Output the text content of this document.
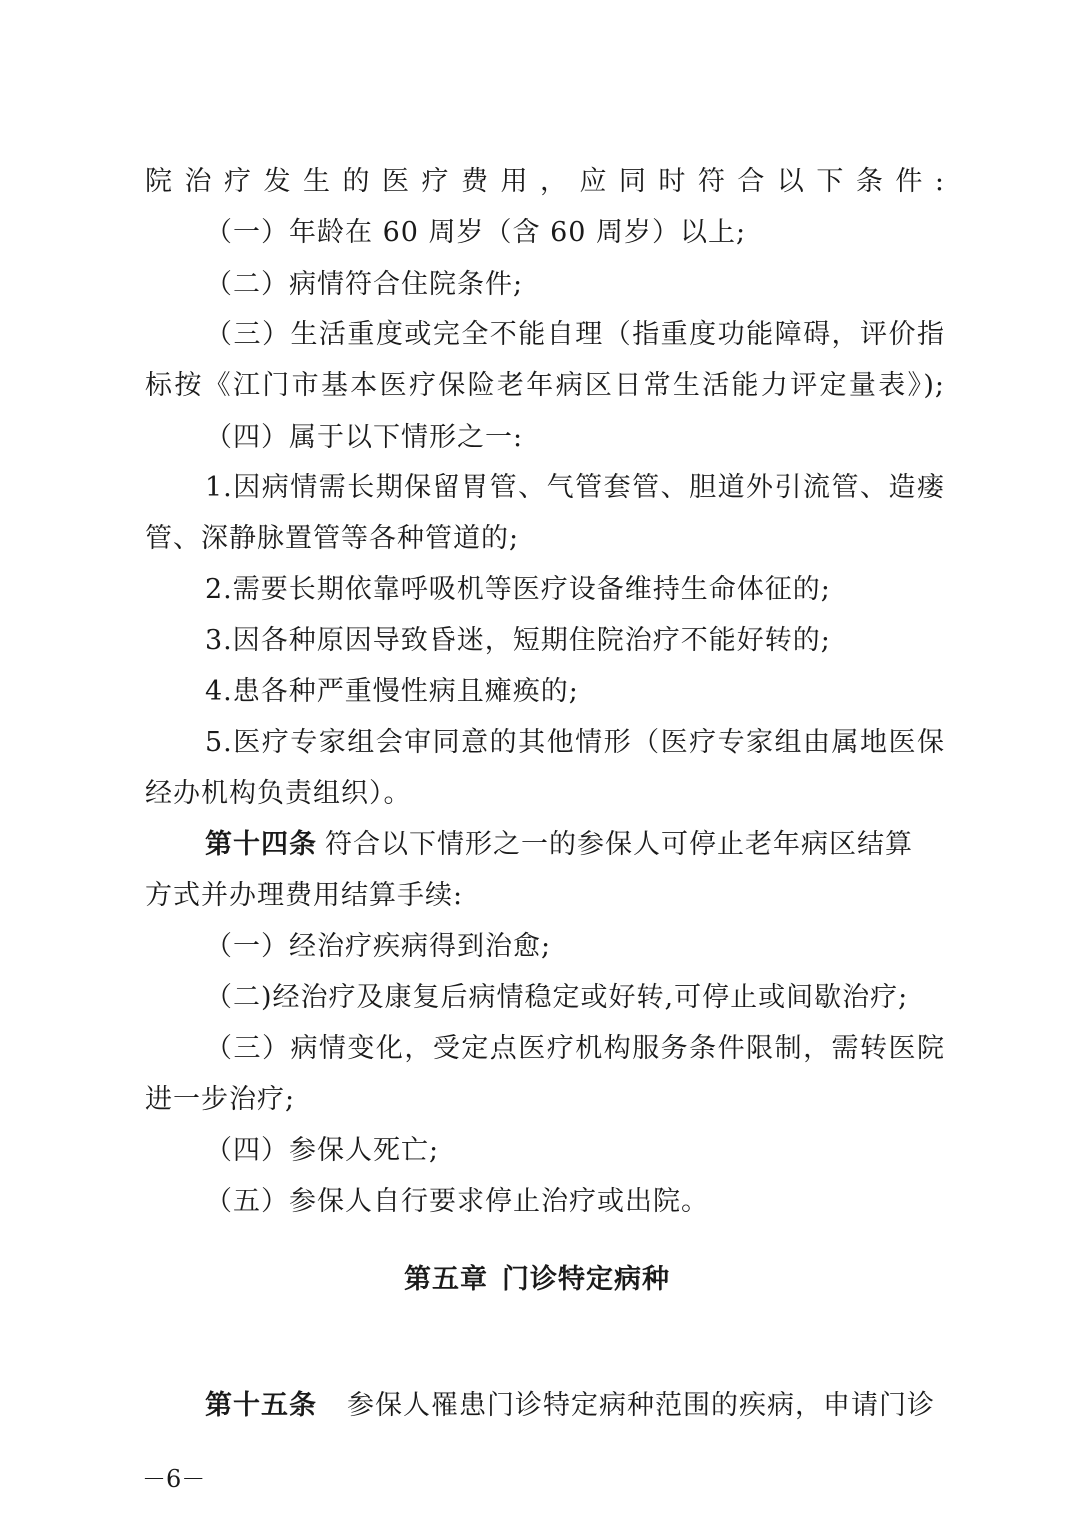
院治疗发生的医疗费用，应同时符合以下条件:
（一）年龄在 60 周岁（含 60 周岁）以上;
（二）病情符合住院条件;
（三）生活重度或完全不能自理（指重度功能障碍，评价指
标按《江门市基本医疗保险老年病区日常生活能力评定量表》);
（四）属于以下情形之一:
1.因病情需长期保留胃管、气管套管、胆道外引流管、造瘘
管、深静脉置管等各种管道的;
2.需要长期依靠呼吸机等医疗设备维持生命体征的;
3.因各种原因导致昏迷，短期住院治疗不能好转的;
4.患各种严重慢性病且瘫痪的;
5.医疗专家组会审同意的其他情形（医疗专家组由属地医保
经办机构负责组织）。
第十四条 符合以下情形之一的参保人可停止老年病区结算
方式并办理费用结算手续:
（一）经治疗疾病得到治愈;
（二)经治疗及康复后病情稳定或好转,可停止或间歇治疗;
（三）病情变化，受定点医疗机构服务条件限制，需转医院
进一步治疗;
（四）参保人死亡;
（五）参保人自行要求停止治疗或出院。
第五章 门诊特定病种
第十五条 参保人罹患门诊特定病种范围的疾病，申请门诊
－6－
